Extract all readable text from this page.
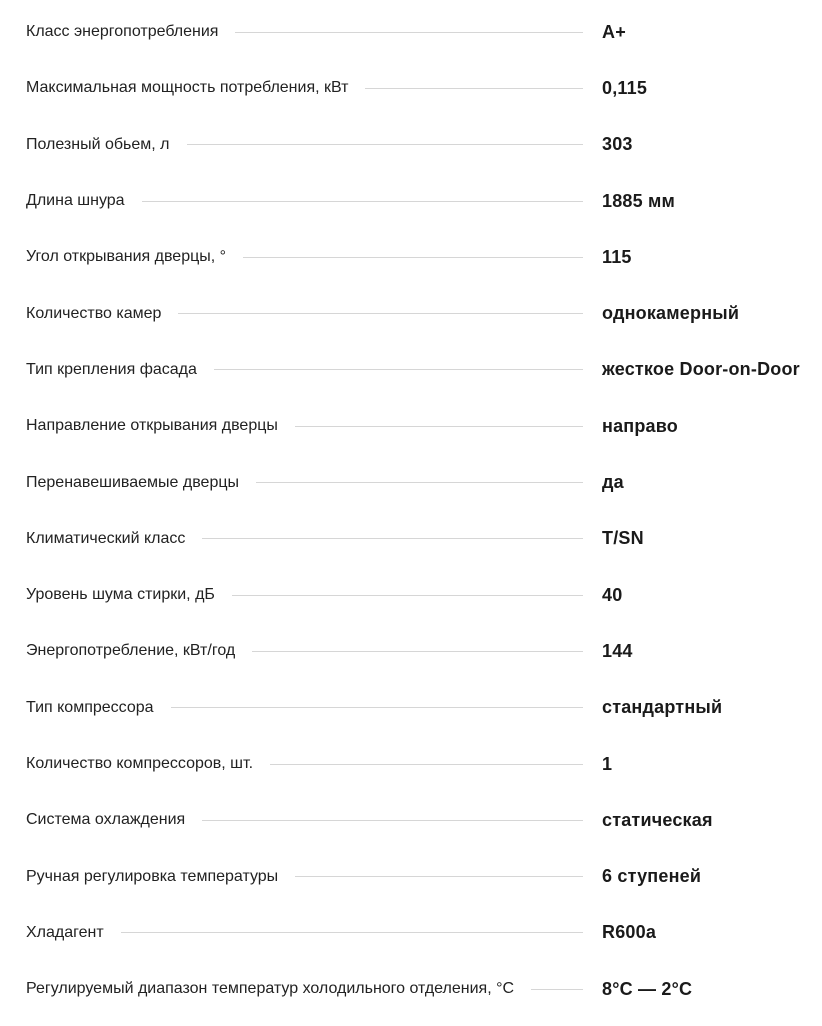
Класс энергопотребления	A+
Максимальная мощность потребления, кВт	0,115
Полезный обьем, л	303
Длина шнура	1885 мм
Угол открывания дверцы, °	115
Количество камер	однокамерный
Тип крепления фасада	жесткое Door-on-Door
Направление открывания дверцы	направо
Перенавешиваемые дверцы	да
Климатический класс	T/SN
Уровень шума стирки, дБ	40
Энергопотребление, кВт/год	144
Тип компрессора	стандартный
Количество компрессоров, шт.	1
Система охлаждения	статическая
Ручная регулировка температуры	6 ступеней
Хладагент	R600a
Регулируемый диапазон температур холодильного отделения, °С	8°C — 2°C
